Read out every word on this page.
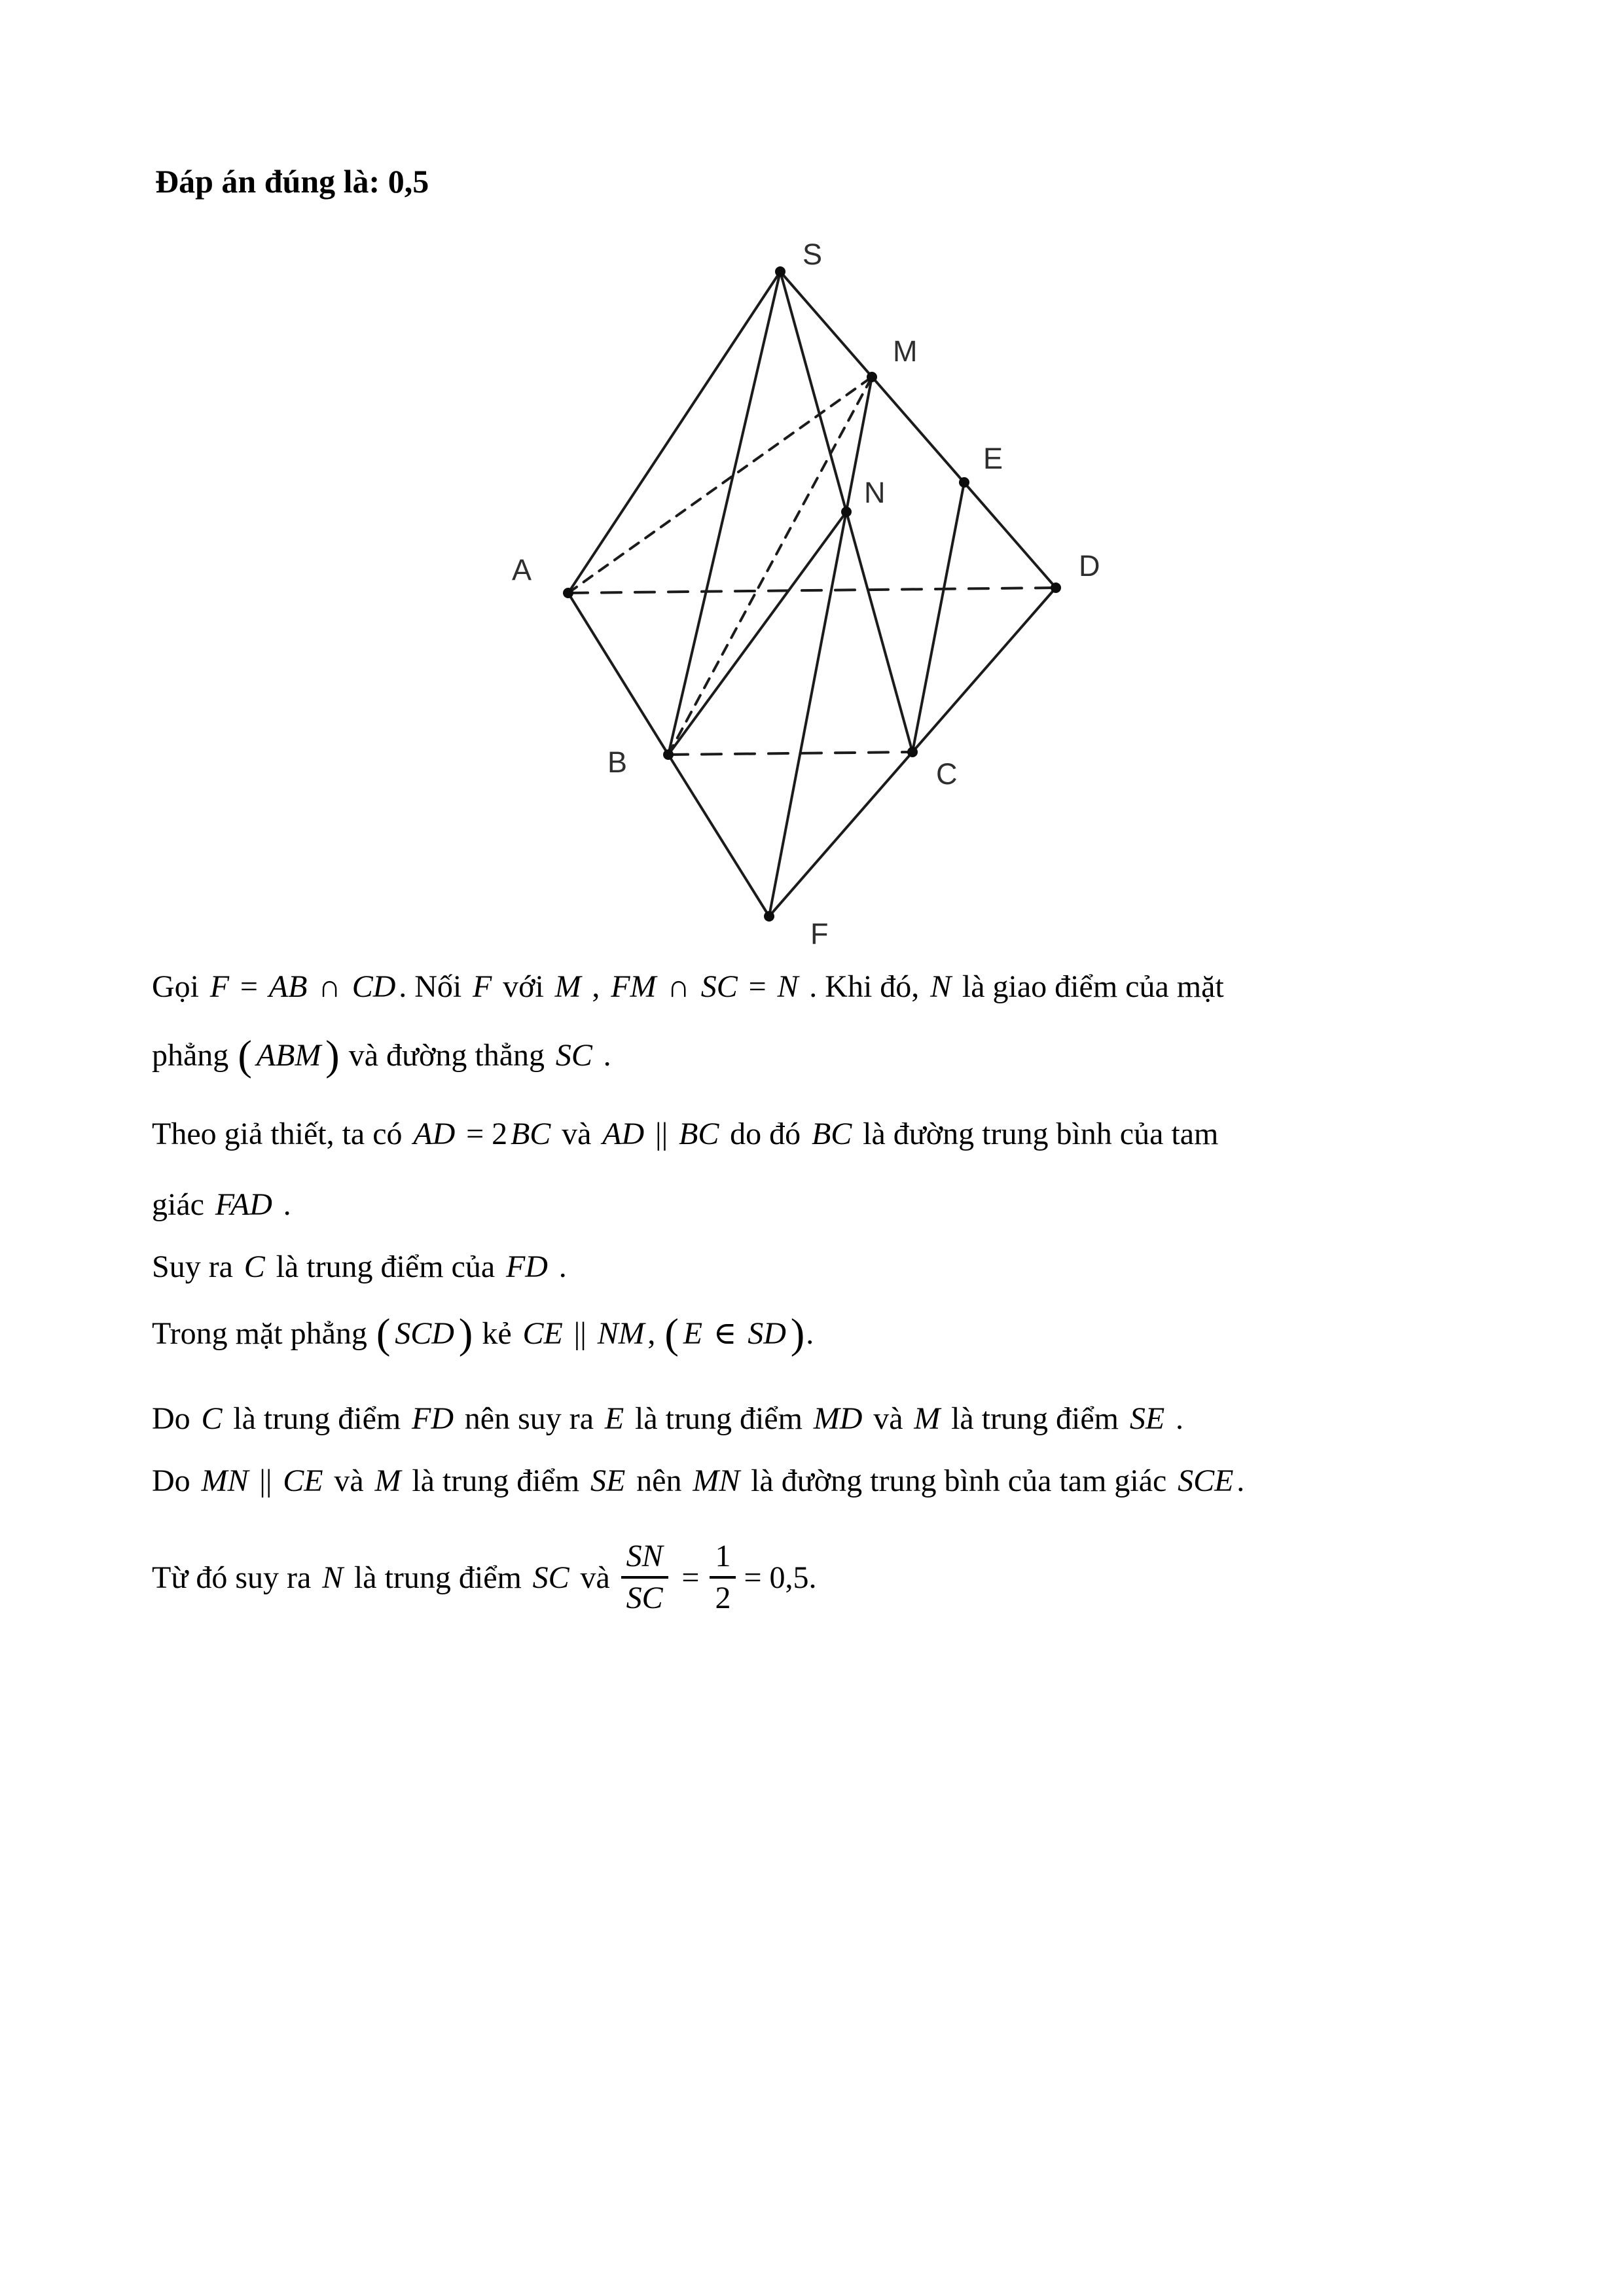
Đáp án đúng là: 0,5
S
M
E
N
A	D
B	C
F
Gọi F = AB ∩ CD. Nối F với M , FM ∩ SC = N . Khi đó, N là giao điểm của mặt
phẳng ( ABM ) và đường thẳng SC .
Theo giả thiết, ta có AD = 2BC và AD || BC do đó BC là đường trung bình của tam
giác FAD .
Suy ra C là trung điểm của FD .
Trong mặt phẳng ( SCD ) kẻ CE || NM, ( E ∈ SD ).
Do C là trung điểm FD nên suy ra E là trung điểm MD và M là trung điểm SE .
Do MN || CE và M là trung điểm SE nên MN là đường trung bình của tam giác SCE.
Từ đó suy ra N là trung điểm SC và $\frac{SN}{SC} = \frac{1}{2} = 0,5$.
